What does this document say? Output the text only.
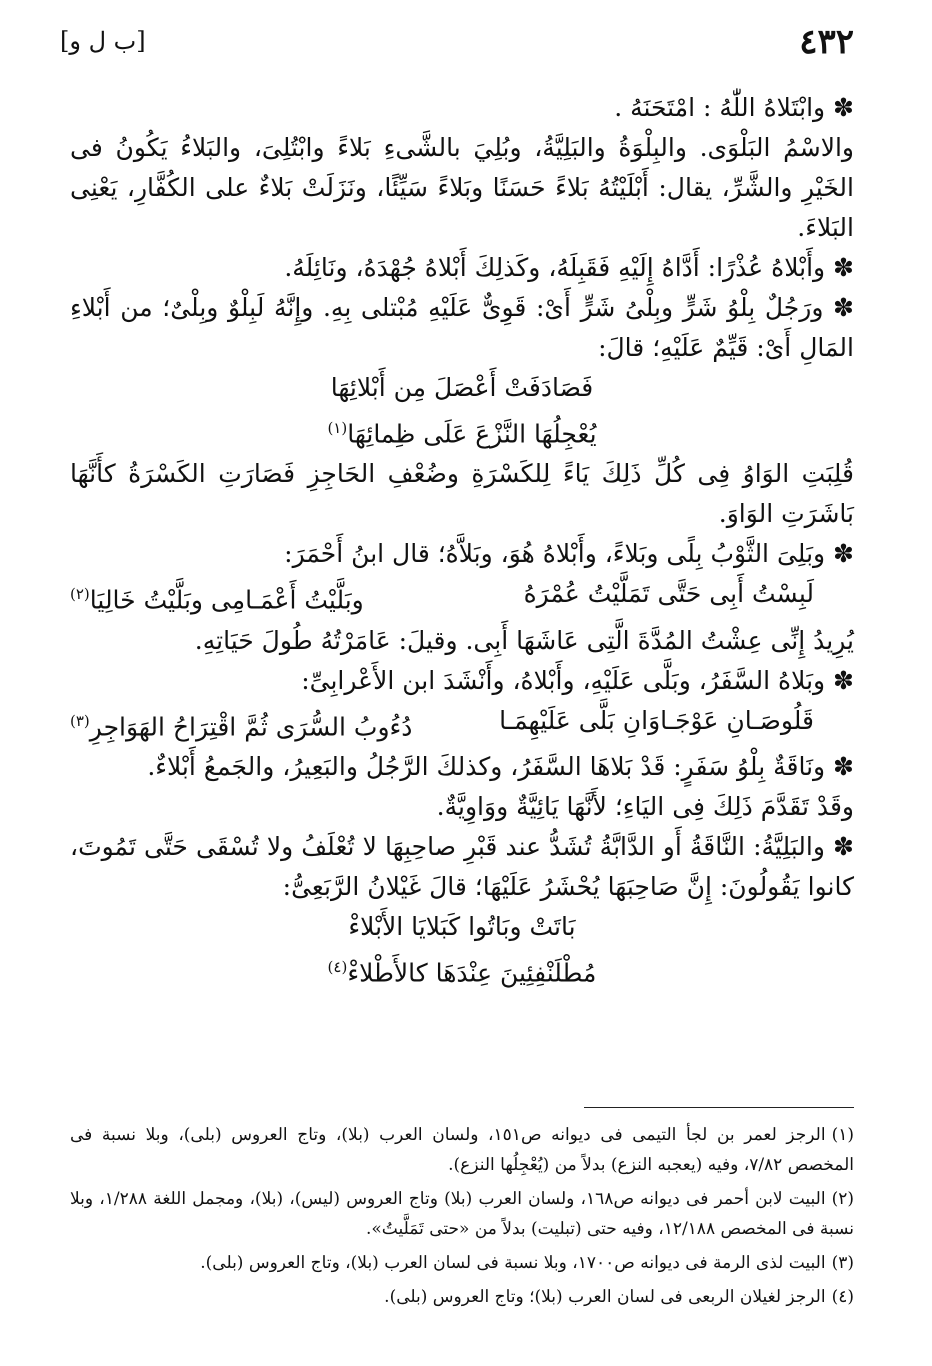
٤٣٢
[ب ل و]

✽ وابْتَلاهُ اللّٰهُ : امْتَحَنَهُ .

والاسْمُ البَلْوَى. والبِلْوَةُ والبَلِيَّةُ، وبُلِيَ بالشَّىءِ بَلاءً وابْتُلِىَ، والبَلاءُ يَكُونُ فى الخَيْرِ والشَّرِّ، يقال: أَبْلَيْتُهُ بَلاءً حَسَنًا وبَلاءً سَيِّئًا، ونَزَلَتْ بَلاءٌ على الكُفَّارِ، يَعْنِى البَلاءَ.

✽ وأَبْلاهُ عُذْرًا: أَدَّاهُ إِلَيْهِ فَقَبِلَهُ، وكَذلِكَ أَبْلاهُ جُهْدَهُ، ونَائِلَهُ.

✽ ورَجُلٌ بِلْوُ شَرٍّ وبِلْىُ شَرٍّ أَىْ: قَوِىٌّ عَلَيْهِ مُبْتلى بِهِ. وإِنَّهُ لَبِلْوٌ وبِلْىٌ؛ من أَبْلاءِ المَالِ أَىْ: قَيِّمٌ عَلَيْهِ؛ قالَ:

فَصَادَفَتْ أَعْصَلَ مِن أَبْلائِهَا

يُعْجِلُهَا النَّزْعَ عَلَى ظِمائِهَا$^{(١)}$

قُلِبَتِ الوَاوُ فِى كُلِّ ذَلِكَ يَاءً لِلكَسْرَةِ وضُعْفِ الحَاجِزِ فَصَارَتِ الكَسْرَةُ كأَنَّهَا بَاشَرَتِ الوَاوَ.

✽ وبَلِىَ الثَّوْبُ بِلًى وبَلاءً، وأَبْلاهُ هُوَ، وبَلاَّهُ؛ قال ابنُ أَحْمَرَ:

لَبِسْتُ أَبِى حَتَّى تَمَلَّيْتُ عُمْرَهُ
وبَلَّيْتُ أَعْمَـامِى وبَلَّيْتُ خَالِيَا$^{(٢)}$

يُرِيدُ إِنِّى عِشْتُ المُدَّةَ الَّتِى عَاشَهَا أَبِى. وقيلَ: عَامَرْتُهُ طُولَ حَيَاتِهِ.

✽ وبَلاهُ السَّفَرُ، وبَلَّى عَلَيْهِ، وأَبْلاهُ، وأَنْشَدَ ابن الأَعْرابِىِّ:

قَلُوصَـانِ عَوْجَـاوَانِ بَلَّى عَلَيْهِمَـا
دُءُوبُ السُّرَى ثُمَّ اقْتِرَاحُ الهَوَاجِرِ$^{(٣)}$

✽ ونَاقَةٌ بِلْوُ سَفَرٍ: قَدْ بَلاهَا السَّفَرُ، وكذلكَ الرَّجُلُ والبَعِيرُ، والجَمعُ أَبْلاءٌ.

وقَدْ تَقَدَّمَ ذَلِكَ فِى اليَاءِ؛ لأَنَّهَا يَائِيَّةٌ ووَاوِيَّةٌ.

✽ والبَلِيَّةُ: النَّاقَةُ أَو الدَّابَّةُ تُشَدُّ عند قَبْرِ صاحِبِهَا لا تُعْلَفُ ولا تُسْقَى حَتَّى تَمُوتَ، كانوا يَقُولُونَ: إِنَّ صَاحِبَهَا يُحْشَرُ عَلَيْهَا؛ قالَ غَيْلانُ الرَّبَعِىُّ:

بَاتَتْ وبَاتُوا كَبَلايَا الأَبْلاءْ

مُطْلَنْفِئِينَ عِنْدَهَا كالأَطْلاءْ$^{(٤)}$

(١)الرجز لعمر بن لجأ التيمى فى ديوانه ص١٥١، ولسان العرب (بلا)، وتاج العروس (بلى)، وبلا نسبة فى المخصص ٧/٨٢، وفيه (يعجبه النزع) بدلاً من (يُعْجِلُها النزع).

(٢)البيت لابن أحمر فى ديوانه ص١٦٨، ولسان العرب (بلا) وتاج العروس (ليس)، (بلا)، ومجمل اللغة ١/٢٨٨، وبلا نسبة فى المخصص ١٢/١٨٨، وفيه حتى (تبليت) بدلاً من «حتى تَمَلَّيتُ».

(٣)البيت لذى الرمة فى ديوانه ص١٧٠٠، وبلا نسبة فى لسان العرب (بلا)، وتاج العروس (بلى).

(٤)الرجز لغيلان الربعى فى لسان العرب (بلا)؛ وتاج العروس (بلى).
